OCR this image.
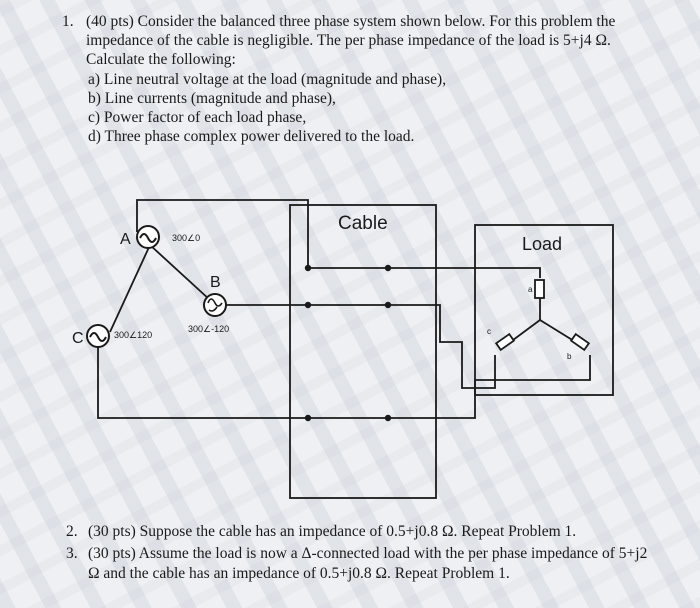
1. (40 pts) Consider the balanced three phase system shown below. For this problem the
impedance of the cable is negligible. The per phase impedance of the load is 5+j4 Ω.
Calculate the following:
a) Line neutral voltage at the load (magnitude and phase),
b) Line currents (magnitude and phase),
c) Power factor of each load phase,
d) Three phase complex power delivered to the load.
Cable
Load
A	300∠0
B
300∠-120
C	300∠120
a
b
c
2. (30 pts) Suppose the cable has an impedance of 0.5+j0.8 Ω. Repeat Problem 1.
3. (30 pts) Assume the load is now a Δ-connected load with the per phase impedance of 5+j2
Ω and the cable has an impedance of 0.5+j0.8 Ω. Repeat Problem 1.
